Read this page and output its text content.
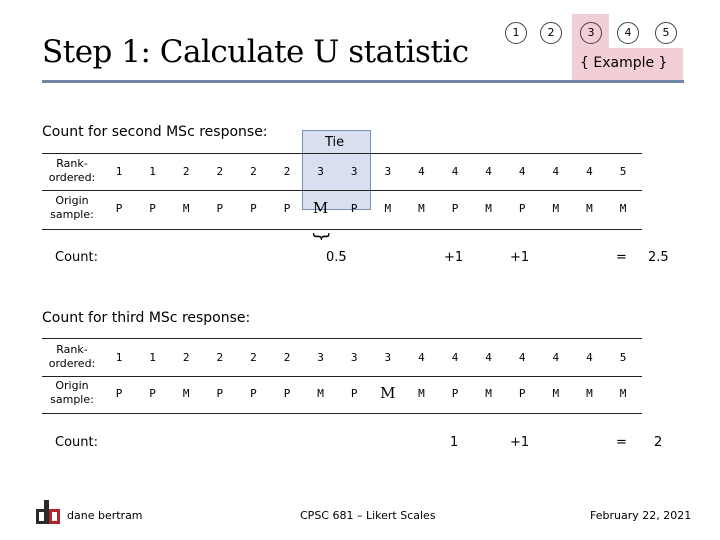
Step 1: Calculate U statistic
1	2	3	4	5
{ Example }
Count for second MSc response:
Tie
Rank-ordered:
Origin sample:
1	1	2	2	2	2	3	3	3	4	4	4	4	4	4	5
P	P	M	P	P	P	M	P	M	M	P	M	P	M	M	M
}
Count:	0.5	+1	+1	= 2.5
Count for third MSc response:
Rank-ordered:
Origin sample:
1	1	2	2	2	2	3	3	3	4	4	4	4	4	4	5
P	P	M	P	P	P	M	P	M	M	P	M	P	M	M	M
Count:	1	+1	= 2
dane bertram	CPSC 681 – Likert Scales	February 22, 2021
